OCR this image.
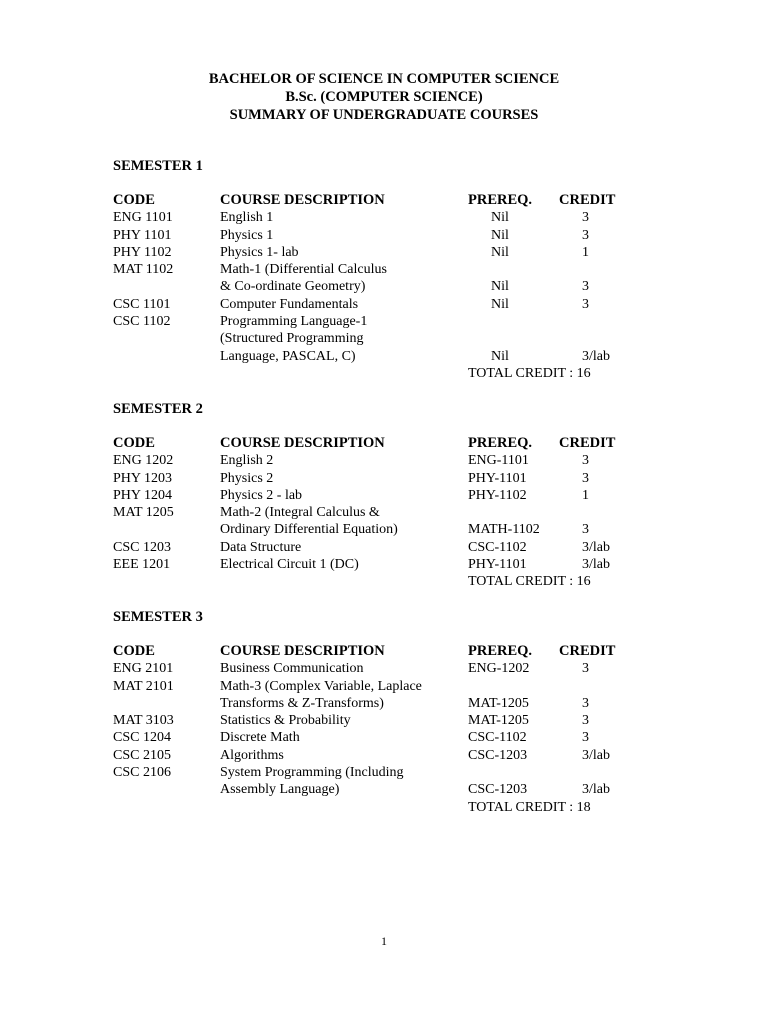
BACHELOR OF SCIENCE IN COMPUTER SCIENCE
B.Sc. (COMPUTER SCIENCE)
SUMMARY OF UNDERGRADUATE COURSES
SEMESTER 1
CODE	COURSE DESCRIPTION	PREREQ. CREDIT
ENG 1101	English 1	Nil	3
PHY 1101	Physics 1	Nil	3
PHY 1102	Physics 1- lab	Nil	1
MAT 1102	Math-1 (Differential Calculus
& Co-ordinate Geometry)	Nil	3
CSC 1101	Computer Fundamentals	Nil	3
CSC 1102	Programming Language-1
(Structured Programming
Language, PASCAL, C)	Nil	3/lab
TOTAL CREDIT : 16
SEMESTER 2
CODE	COURSE DESCRIPTION	PREREQ. CREDIT
ENG 1202	English 2	ENG-1101	3
PHY 1203	Physics 2	PHY-1101	3
PHY 1204	Physics 2 - lab	PHY-1102	1
MAT 1205	Math-2 (Integral Calculus &
Ordinary Differential Equation)	MATH-1102	3
CSC 1203	Data Structure	CSC-1102	3/lab
EEE 1201	Electrical Circuit 1 (DC)	PHY-1101	3/lab
TOTAL CREDIT : 16
SEMESTER 3
CODE	COURSE DESCRIPTION	PREREQ. CREDIT
ENG 2101	Business Communication	ENG-1202	3
MAT 2101	Math-3 (Complex Variable, Laplace
Transforms & Z-Transforms)	MAT-1205	3
MAT 3103	Statistics & Probability	MAT-1205	3
CSC 1204	Discrete Math	CSC-1102	3
CSC 2105	Algorithms	CSC-1203	3/lab
CSC 2106	System Programming (Including
Assembly Language)	CSC-1203	3/lab
TOTAL CREDIT : 18
1
